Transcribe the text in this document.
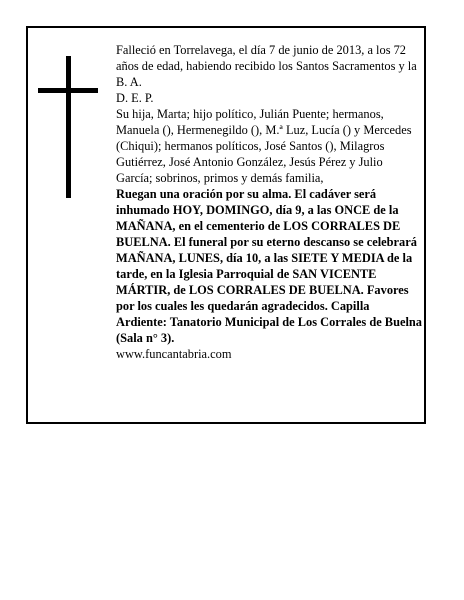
Falleció en Torrelavega, el día 7 de junio de 2013, a los 72 años de edad, habiendo recibido los Santos Sacramentos y la B. A.

D. E. P.

Su hija, Marta; hijo político, Julián Puente; hermanos, Manuela (), Hermenegildo (), M.ª Luz, Lucía () y Mercedes (Chiqui); hermanos políticos, José Santos (), Milagros Gutiérrez, José Antonio González, Jesús Pérez y Julio García; sobrinos, primos y demás familia,

Ruegan una oración por su alma. El cadáver será inhumado HOY, DOMINGO, día 9, a las ONCE de la MAÑANA, en el cementerio de LOS CORRALES DE BUELNA. El funeral por su eterno descanso se celebrará MAÑANA, LUNES, día 10, a las SIETE Y MEDIA de la tarde, en la Iglesia Parroquial de SAN VICENTE MÁRTIR, de LOS CORRALES DE BUELNA. Favores por los cuales les quedarán agradecidos. Capilla Ardiente: Tanatorio Municipal de Los Corrales de Buelna (Sala n° 3).

www.funcantabria.com
